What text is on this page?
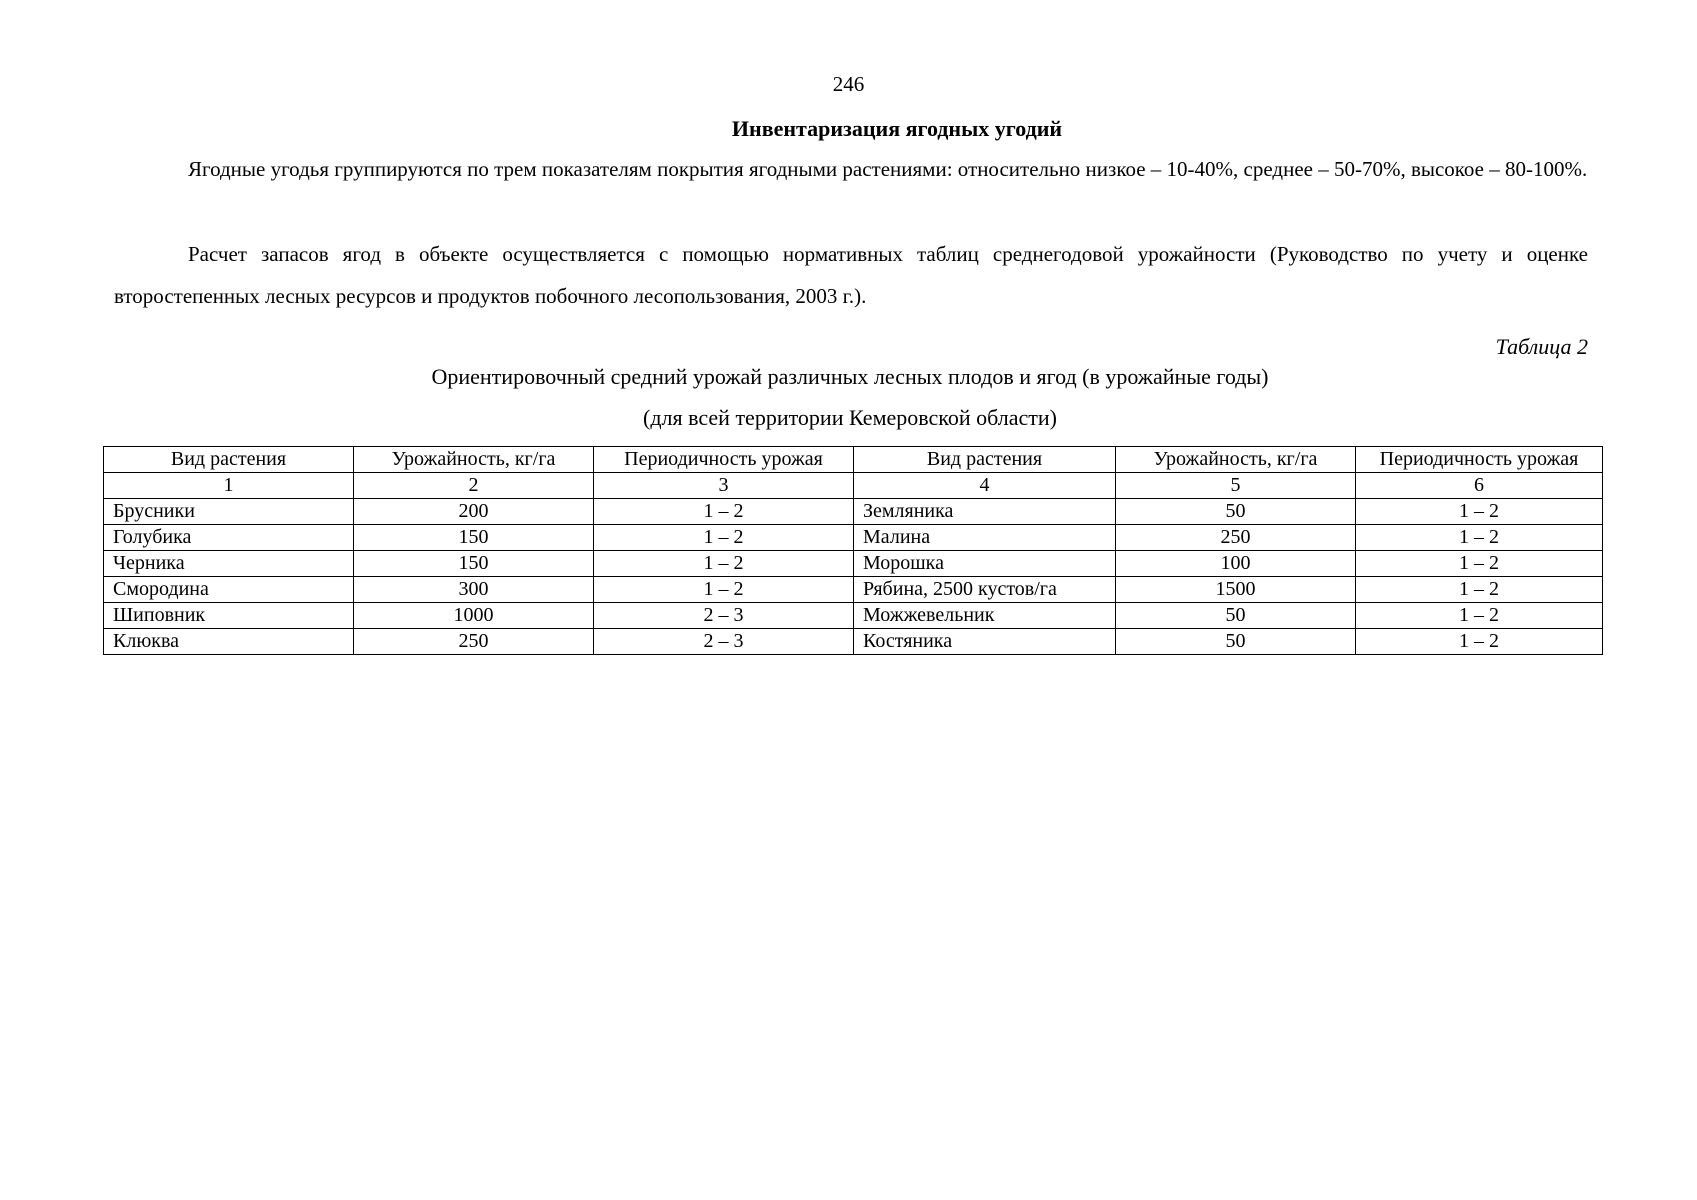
246
Инвентаризация ягодных угодий

Ягодные угодья группируются по трем показателям покрытия ягодными растениями: относительно низкое – 10-40%, среднее – 50-70%, высокое – 80-100%.

Расчет запасов ягод в объекте осуществляется с помощью нормативных таблиц среднегодовой урожайности (Руководство по учету и оценке второстепенных лесных ресурсов и продуктов побочного лесопользования, 2003 г.).

Таблица 2
Ориентировочный средний урожай различных лесных плодов и ягод (в урожайные годы)
(для всей территории Кемеровской области)
Вид растения	Урожайность, кг/га	Периодичность урожая	Вид растения	Урожайность, кг/га	Периодичность урожая
1	2	3	4	5	6
Брусники	200	1 – 2	Земляника	50	1 – 2
Голубика	150	1 – 2	Малина	250	1 – 2
Черника	150	1 – 2	Морошка	100	1 – 2
Смородина	300	1 – 2	Рябина, 2500 кустов/га	1500	1 – 2
Шиповник	1000	2 – 3	Можжевельник	50	1 – 2
Клюква	250	2 – 3	Костяника	50	1 – 2
